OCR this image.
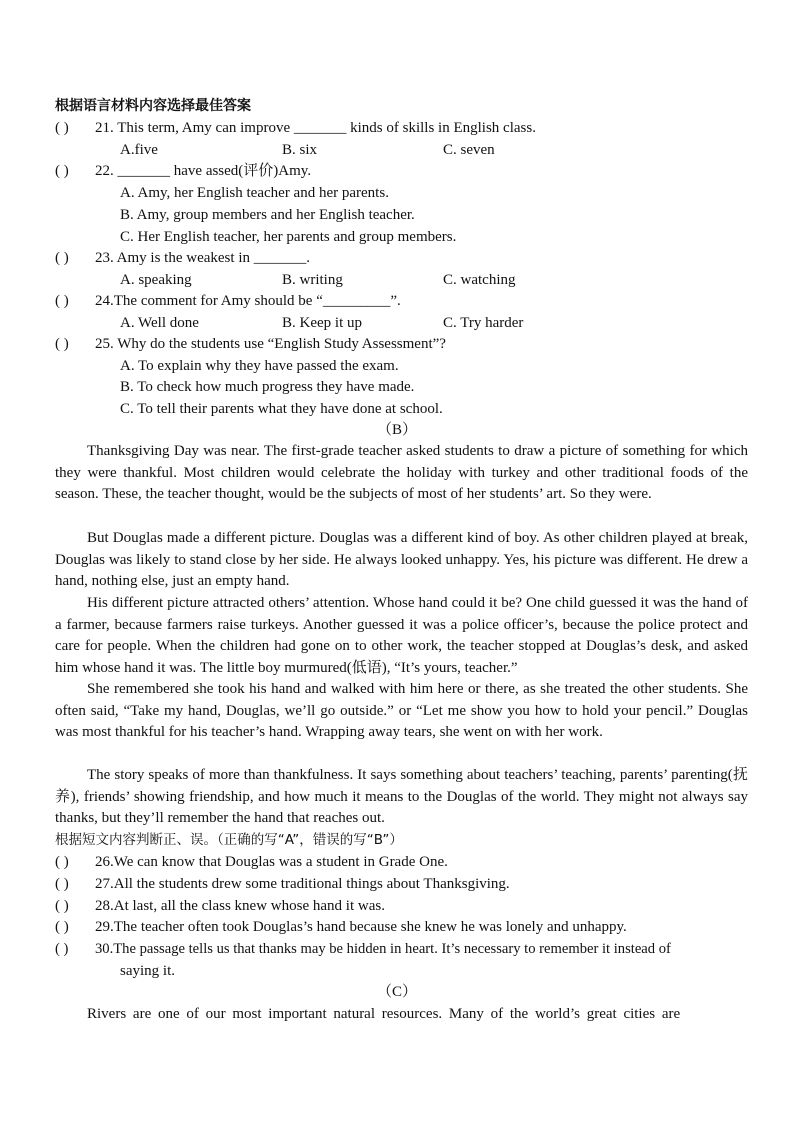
根据语言材料内容选择最佳答案
( ) 21. This term, Amy can improve _______ kinds of skills in English class.
A.five	B. six	C. seven
( ) 22. _______ have assed(评价)Amy.
A. Amy, her English teacher and her parents.
B. Amy, group members and her English teacher.
C. Her English teacher, her parents and group members.
( ) 23. Amy is the weakest in _______.
A. speaking	B. writing	C. watching
( ) 24.The comment for Amy should be “_________”.
A. Well done	B. Keep it up	C. Try harder
( ) 25. Why do the students use “English Study Assessment”?
A. To explain why they have passed the exam.
B. To check how much progress they have made.
C. To tell their parents what they have done at school.
（B）
Thanksgiving Day was near. The first-grade teacher asked students to draw a picture of something for which they were thankful. Most children would celebrate the holiday with turkey and other traditional foods of the season. These, the teacher thought, would be the subjects of most of her students’ art. So they were.
But Douglas made a different picture. Douglas was a different kind of boy. As other children played at break, Douglas was likely to stand close by her side. He always looked unhappy. Yes, his picture was different. He drew a hand, nothing else, just an empty hand.
His different picture attracted others’ attention. Whose hand could it be? One child guessed it was the hand of a farmer, because farmers raise turkeys. Another guessed it was a police officer’s, because the police protect and care for people. When the children had gone on to other work, the teacher stopped at Douglas’s desk, and asked him whose hand it was. The little boy murmured(低语), “It’s yours, teacher.”
She remembered she took his hand and walked with him here or there, as she treated the other students. She often said, “Take my hand, Douglas, we’ll go outside.” or “Let me show you how to hold your pencil.” Douglas was most thankful for his teacher’s hand. Wrapping away tears, she went on with her work.
The story speaks of more than thankfulness. It says something about teachers’ teaching, parents’ parenting(抚养), friends’ showing friendship, and how much it means to the Douglas of the world. They might not always say thanks, but they’ll remember the hand that reaches out.
根据短文内容判断正、误。（正确的写“A”，错误的写“B”）
( ) 26.We can know that Douglas was a student in Grade One.
( ) 27.All the students drew some traditional things about Thanksgiving.
( ) 28.At last, all the class knew whose hand it was.
( ) 29.The teacher often took Douglas’s hand because she knew he was lonely and unhappy.
( ) 30.The passage tells us that thanks may be hidden in heart. It’s necessary to remember it instead of
saying it.
（C）
Rivers are one of our most important natural resources. Many of the world’s great cities are
